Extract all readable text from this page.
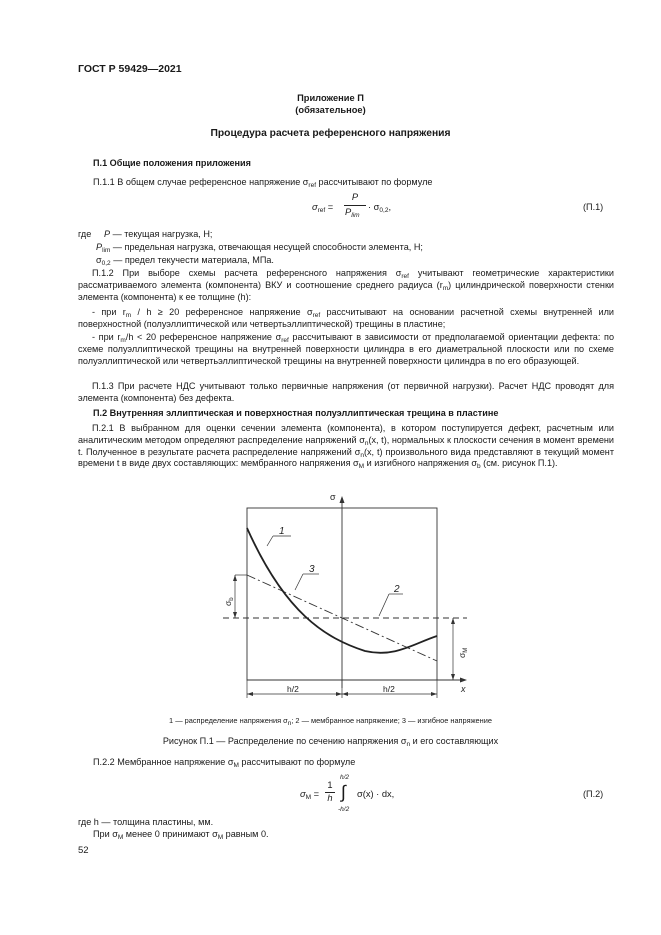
ГОСТ Р 59429—2021
Приложение П
(обязательное)
Процедура расчета референсного напряжения
П.1 Общие положения приложения
П.1.1 В общем случае референсное напряжение $\sigma_{ref}$ рассчитывают по формуле
$\sigma_{ref}$ =
P
$P_{lim}$
· $\sigma_{0,2}$,	(П.1)
где P — текущая нагрузка, Н;
$P_{lim}$ — предельная нагрузка, отвечающая несущей способности элемента, Н;
$\sigma_{0,2}$ — предел текучести материала, МПа.
П.1.2 При выборе схемы расчета референсного напряжения $\sigma_{ref}$ учитывают геометрические характеристики рассматриваемого элемента (компонента) ВКУ и соотношение среднего радиуса $(r_m)$ цилиндрической поверхности стенки элемента (компонента) к ее толщине (h):
- при $r_m / h \ge 20$ референсное напряжение $\sigma_{ref}$ рассчитывают на основании расчетной схемы внутренней или поверхностной (полуэллиптической или четвертьэллиптической) трещины в пластине;
- при $r_m/h < 20$ референсное напряжение $\sigma_{ref}$ рассчитывают в зависимости от предполагаемой ориентации дефекта: по схеме полуэллиптической трещины на внутренней поверхности цилиндра в его диаметральной плоскости или по схеме полуэллиптической или четвертьэллиптической трещины на внутренней поверхности цилиндра в по его образующей.
П.1.3 При расчете НДС учитывают только первичные напряжения (от первичной нагрузки). Расчет НДС проводят для элемента (компонента) без дефекта.
П.2 Внутренняя эллиптическая и поверхностная полуэллиптическая трещина в пластине
П.2.1 В выбранном для оценки сечении элемента (компонента), в котором поступируется дефект, расчетным или аналитическим методом определяют распределение напряжений $\sigma_n(x$, t), нормальных к плоскости сечения в момент времени t. Полученное в результате расчета распределение напряжений $\sigma_n(x$, t) произвольного вида представляют в текущий момент времени t в виде двух составляющих: мембранного напряжения $\sigma_M$ и изгибного напряжения $\sigma_b$ (см. рисунок П.1).
σ
x
1
3
2
$\sigma_b$
$\sigma_M$
h/2	h/2
1 — распределение напряжения $\sigma_n$; 2 — мембранное напряжение; 3 — изгибное напряжение
Рисунок П.1 — Распределение по сечению напряжения $\sigma_n$ и его составляющих
П.2.2 Мембранное напряжение $\sigma_M$ рассчитывают по формуле
$\sigma_M$ =
1
h ∫
h/2
-h/2
σ(x) · dx,	(П.2)
где h — толщина пластины, мм.
При $\sigma_M$ менее 0 принимают $\sigma_M$ равным 0.
52
